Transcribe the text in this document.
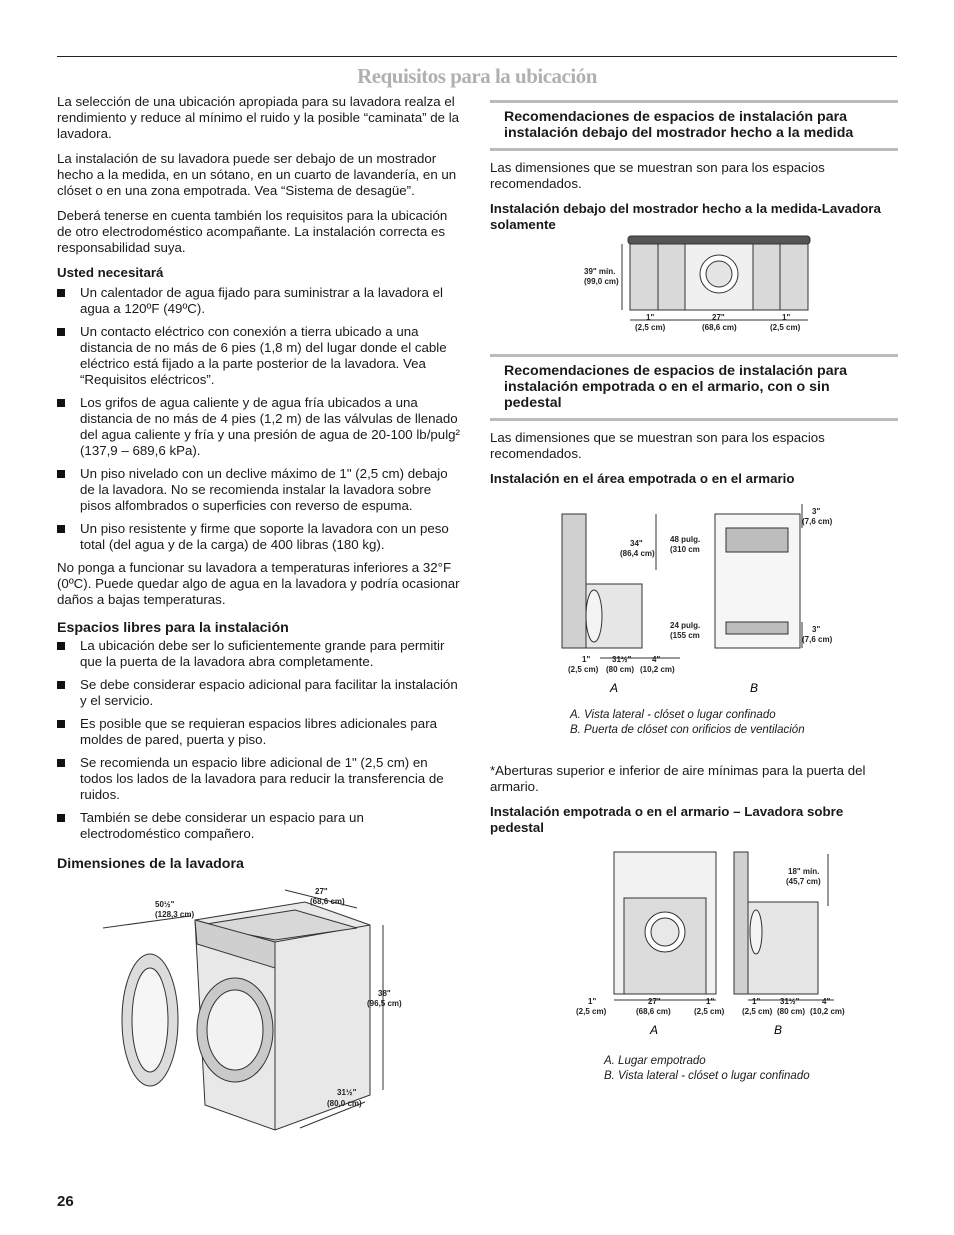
Requisitos para la ubicación

La selección de una ubicación apropiada para su lavadora realza el rendimiento y reduce al mínimo el ruido y la posible “caminata” de la lavadora.

La instalación de su lavadora puede ser debajo de un mostrador hecho a la medida, en un sótano, en un cuarto de lavandería, en un clóset o en una zona empotrada. Vea “Sistema de desagüe”.

Deberá tenerse en cuenta también los requisitos para la ubicación de otro electrodoméstico acompañante. La instalación correcta es responsabilidad suya.

Usted necesitará

Un calentador de agua fijado para suministrar a la lavadora el agua a 120ºF (49ºC).
Un contacto eléctrico con conexión a tierra ubicado a una distancia de no más de 6 pies (1,8 m) del lugar donde el cable eléctrico está fijado a la parte posterior de la lavadora. Vea “Requisitos eléctricos”.
Los grifos de agua caliente y de agua fría ubicados a una distancia de no más de 4 pies (1,2 m) de las válvulas de llenado del agua caliente y fría y una presión de agua de 20-100 lb/pulg² (137,9 – 689,6 kPa).
Un piso nivelado con un declive máximo de 1" (2,5 cm) debajo de la lavadora. No se recomienda instalar la lavadora sobre pisos alfombrados o superficies con reverso de espuma.
Un piso resistente y firme que soporte la lavadora con un peso total (del agua y de la carga) de 400 libras (180 kg).

No ponga a funcionar su lavadora a temperaturas inferiores a 32°F (0ºC). Puede quedar algo de agua en la lavadora y podría ocasionar daños a bajas temperaturas.

Espacios libres para la instalación
La ubicación debe ser lo suficientemente grande para permitir que la puerta de la lavadora abra completamente.
Se debe considerar espacio adicional para facilitar la instalación y el servicio.
Es posible que se requieran espacios libres adicionales para moldes de pared, puerta y piso.
Se recomienda un espacio libre adicional de 1" (2,5 cm) en todos los lados de la lavadora para reducir la transferencia de ruidos.
También se debe considerar un espacio para un electrodoméstico compañero.
Dimensiones de la lavadora
50½"
(128,3 cm)
27"
(68,6 cm)
38"
(96,5 cm)
31½"
(80,0 cm)
Recomendaciones de espacios de instalación para instalación debajo del mostrador hecho a la medida

Las dimensiones que se muestran son para los espacios recomendados.

Instalación debajo del mostrador hecho a la medida-Lavadora solamente

39" mín.
(99,0 cm)
1"
(2,5 cm)
27"
(68,6 cm)
1"
(2,5 cm)
Recomendaciones de espacios de instalación para instalación empotrada o en el armario, con o sin pedestal

Las dimensiones que se muestran son para los espacios recomendados.

Instalación en el área empotrada o en el armario

34"
(86,4 cm)
48 pulg.
(310 cm
24 pulg.
(155 cm
1"
(2,5 cm)
31½"
(80 cm)
4"
(10,2 cm)
3"
(7,6 cm)
3"
(7,6 cm)
A	B
A. Vista lateral - clóset o lugar confinado
B. Puerta de clóset con orificios de ventilación

*Aberturas superior e inferior de aire mínimas para la puerta del armario.

Instalación empotrada o en el armario – Lavadora sobre pedestal

1"
(2,5 cm)
27"
(68,6 cm)
1"
(2,5 cm)
18" mín.
(45,7 cm)
1"
(2,5 cm)
31½"
(80 cm)
4"
(10,2 cm)
A	B
A. Lugar empotrado
B. Vista lateral - clóset o lugar confinado
26
